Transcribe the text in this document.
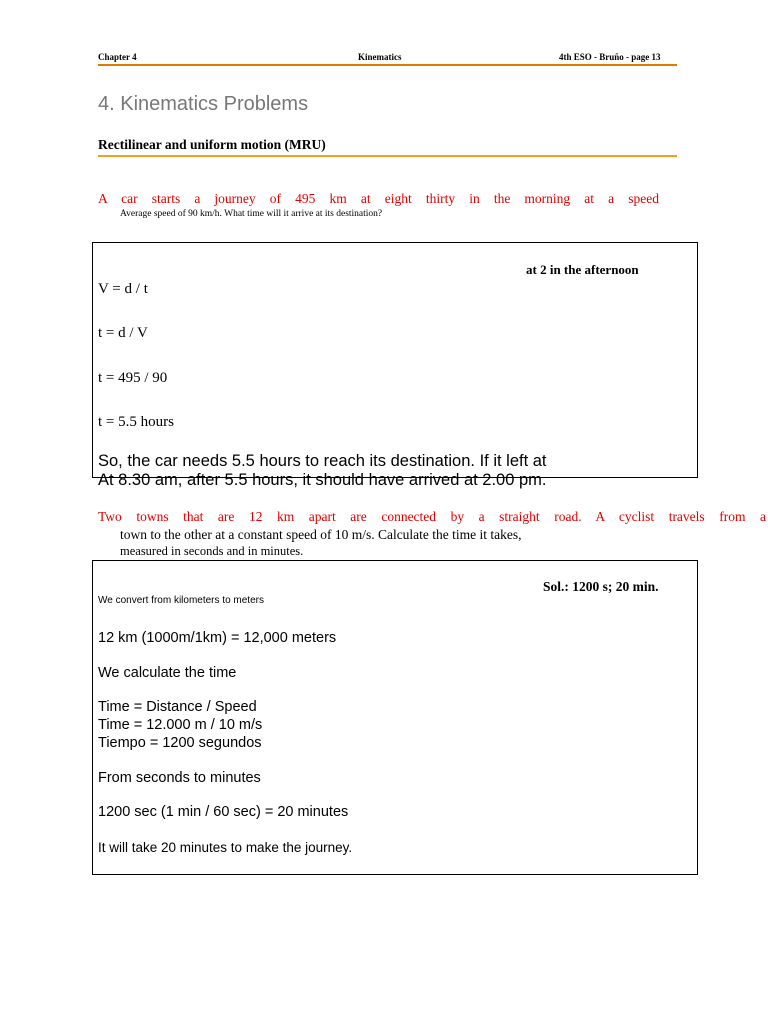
Chapter 4	Kinematics	4th ESO - Bruño - page 13
4. Kinematics Problems
Rectilinear and uniform motion (MRU)
A car starts a journey of 495 km at eight thirty in the morning at a speed
Average speed of 90 km/h. What time will it arrive at its destination?
at 2 in the afternoon
V = d / t
t = d / V
t = 495 / 90
t = 5.5 hours
So, the car needs 5.5 hours to reach its destination. If it left at
At 8.30 am, after 5.5 hours, it should have arrived at 2.00 pm.
Two towns that are 12 km apart are connected by a straight road. A cyclist travels from a
town to the other at a constant speed of 10 m/s. Calculate the time it takes,
measured in seconds and in minutes.
Sol.: 1200 s; 20 min.
We convert from kilometers to meters
12 km (1000m/1km) = 12,000 meters
We calculate the time
Time = Distance / Speed
Time = 12.000 m / 10 m/s
Tiempo = 1200 segundos
From seconds to minutes
1200 sec (1 min / 60 sec) = 20 minutes
It will take 20 minutes to make the journey.
